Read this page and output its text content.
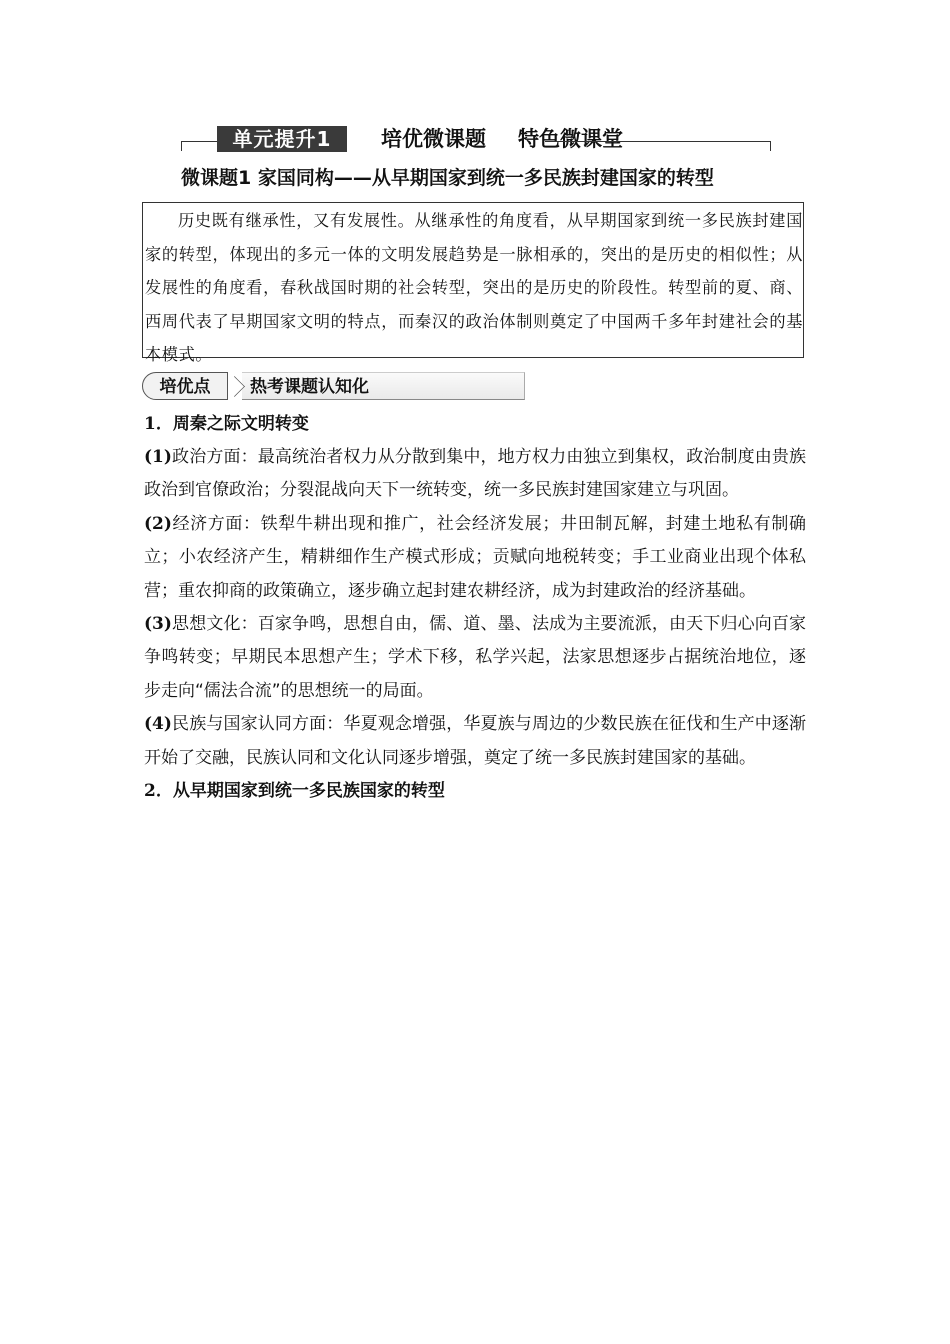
单元提升1	培优微课题 特色微课堂
微课题1 家国同构——从早期国家到统一多民族封建国家的转型

历史既有继承性，又有发展性。从继承性的角度看，从早期国家到统一多民族封建国家的转型，体现出的多元一体的文明发展趋势是一脉相承的，突出的是历史的相似性；从发展性的角度看，春秋战国时期的社会转型，突出的是历史的阶段性。转型前的夏、商、西周代表了早期国家文明的特点，而秦汉的政治体制则奠定了中国两千多年封建社会的基本模式。

热考课题认知化
培优点

1．周秦之际文明转变

(1)政治方面：最高统治者权力从分散到集中，地方权力由独立到集权，政治制度由贵族政治到官僚政治；分裂混战向天下一统转变，统一多民族封建国家建立与巩固。

(2)经济方面：铁犁牛耕出现和推广，社会经济发展；井田制瓦解，封建土地私有制确立；小农经济产生，精耕细作生产模式形成；贡赋向地税转变；手工业商业出现个体私营；重农抑商的政策确立，逐步确立起封建农耕经济，成为封建政治的经济基础。

(3)思想文化：百家争鸣，思想自由，儒、道、墨、法成为主要流派，由天下归心向百家争鸣转变；早期民本思想产生；学术下移，私学兴起，法家思想逐步占据统治地位，逐步走向“儒法合流”的思想统一的局面。

(4)民族与国家认同方面：华夏观念增强，华夏族与周边的少数民族在征伐和生产中逐渐开始了交融，民族认同和文化认同逐步增强，奠定了统一多民族封建国家的基础。

2．从早期国家到统一多民族国家的转型
